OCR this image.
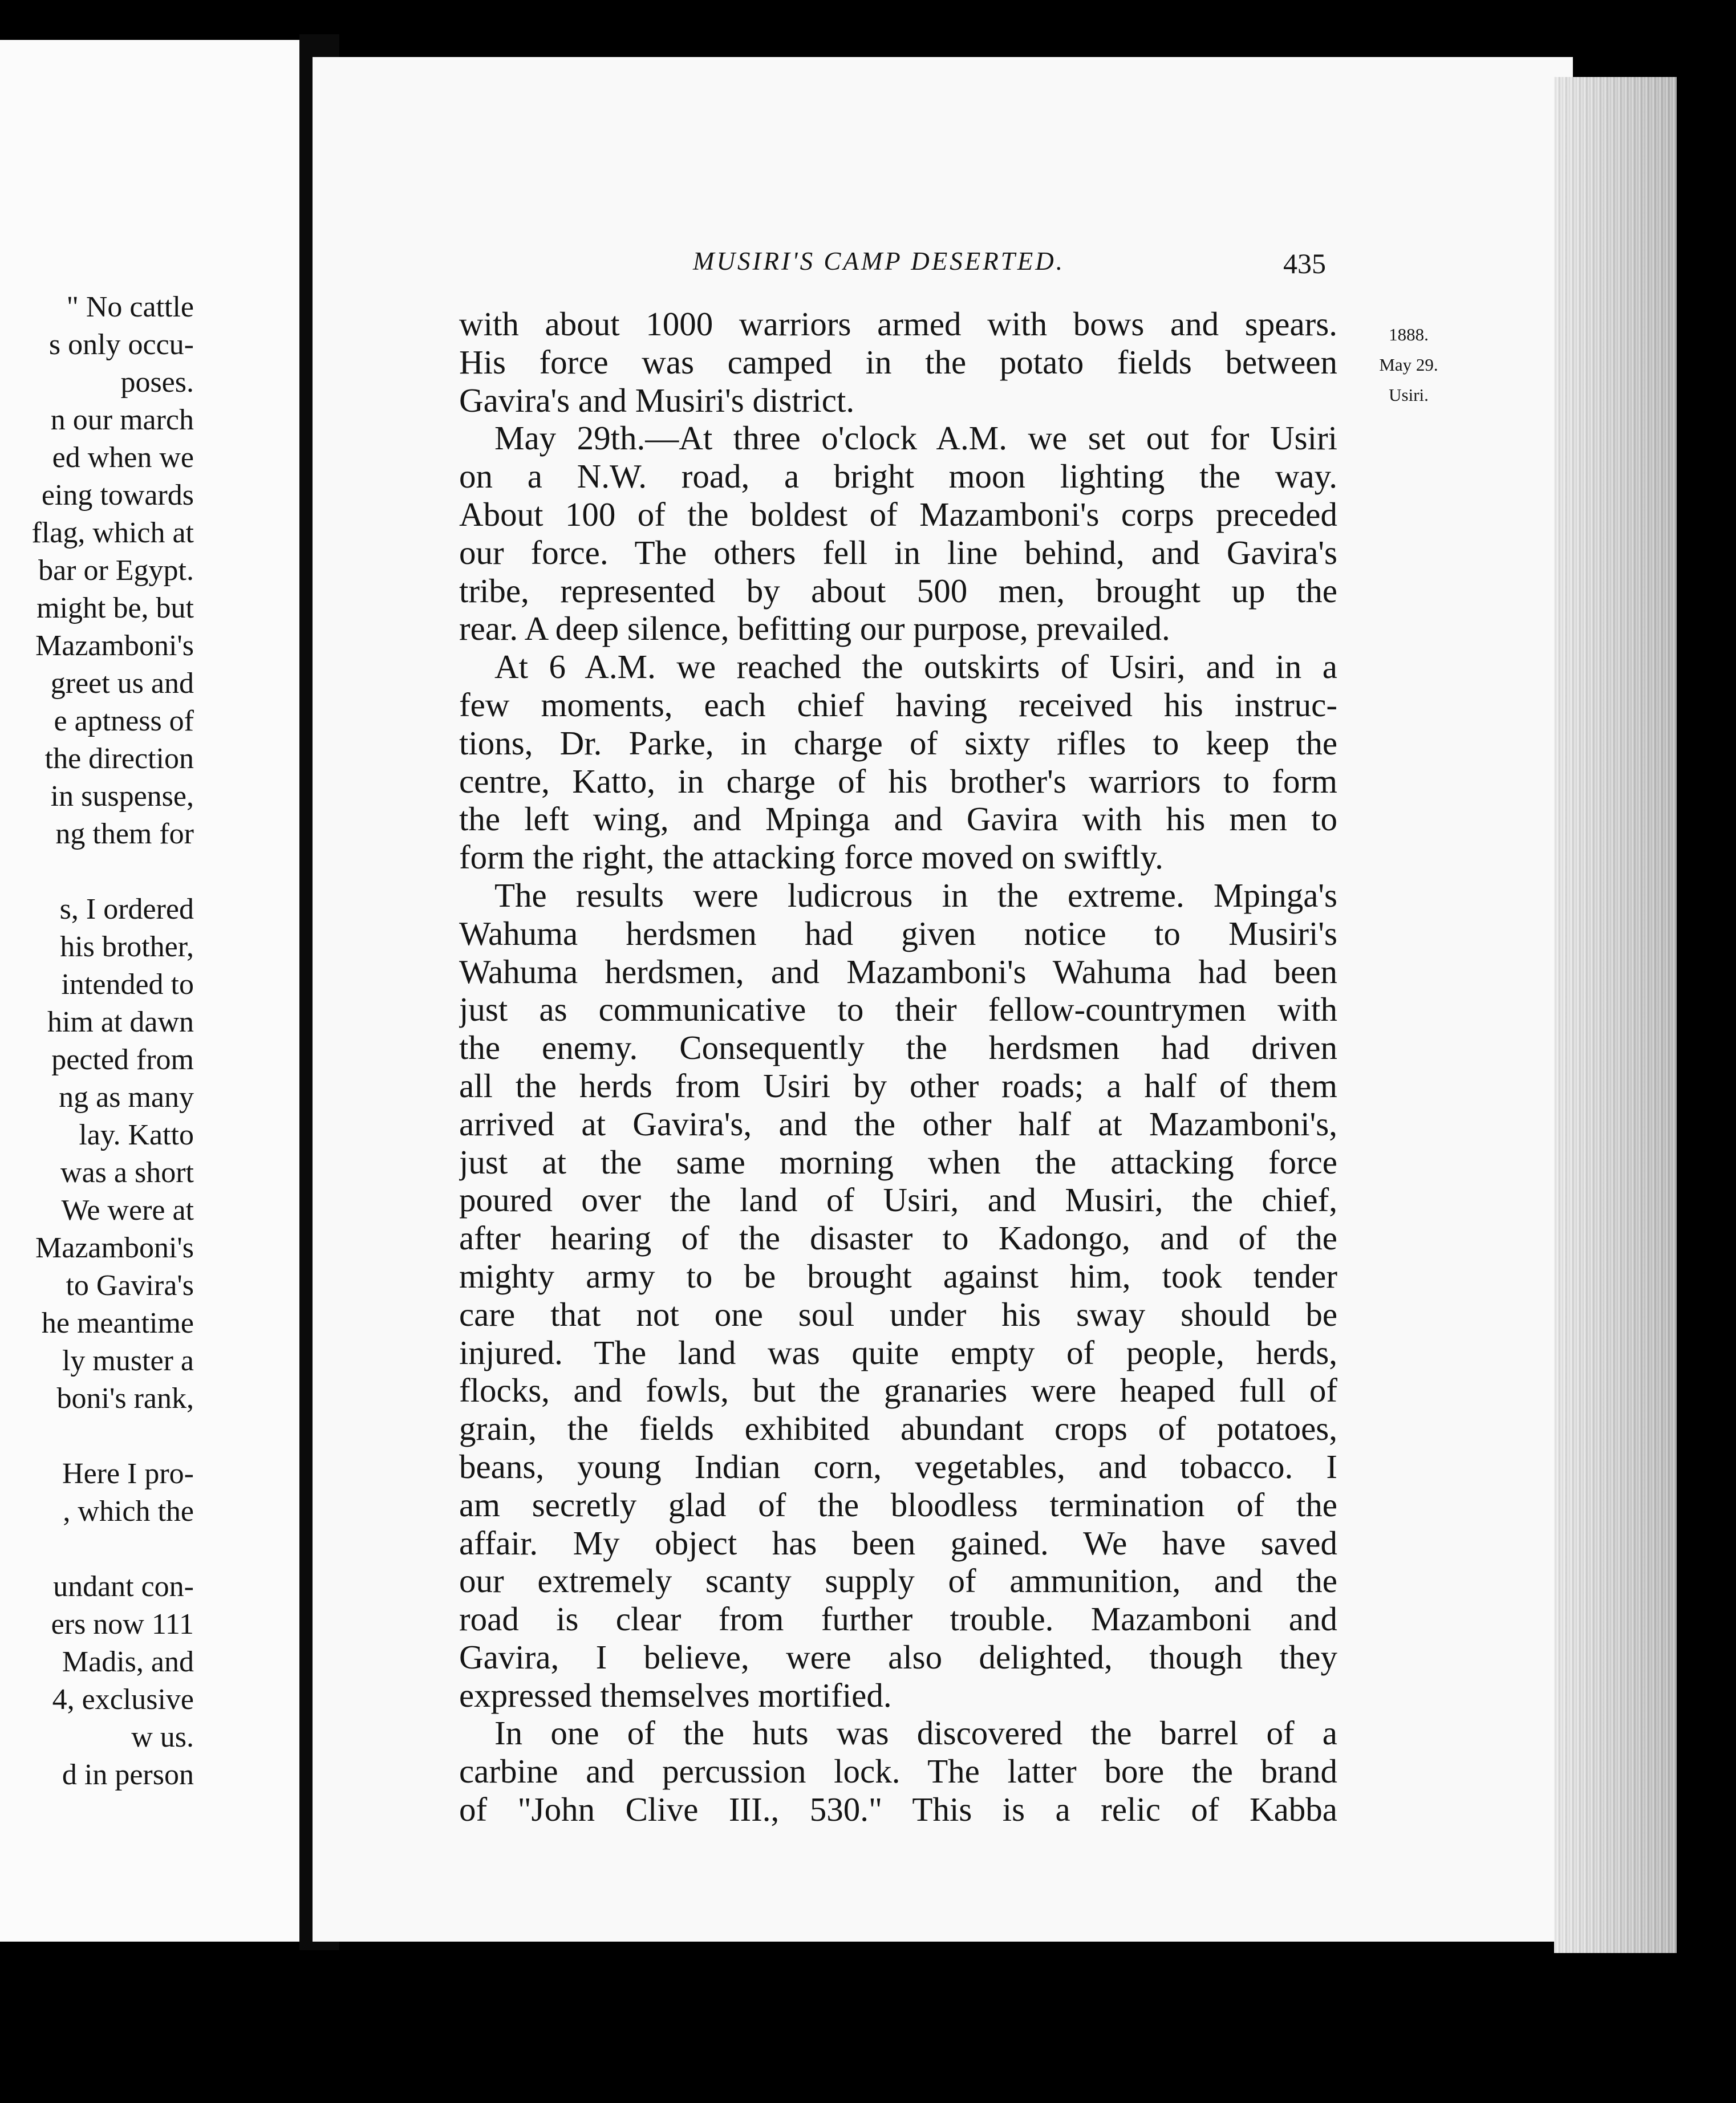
" No cattle
s only occu-
poses.
n our march
ed when we
eing towards
flag, which at
bar or Egypt.
might be, but
Mazamboni's
greet us and
e aptness of
the direction
in suspense,
ng them for
s, I ordered
his brother,
intended to
him at dawn
pected from
ng as many
lay. Katto
was a short
We were at
Mazamboni's
to Gavira's
he meantime
ly muster a
boni's rank,
Here I pro-
, which the
undant con-
ers now 111
Madis, and
4, exclusive
w us.
d in person
MUSIRI'S CAMP DESERTED.	435
1888.
May 29.
Usiri.
with about 1000 warriors armed with bows and spears.
His force was camped in the potato fields between
Gavira's and Musiri's district.
May 29th.—At three o'clock A.M. we set out for Usiri
on a N.W. road, a bright moon lighting the way.
About 100 of the boldest of Mazamboni's corps preceded
our force. The others fell in line behind, and Gavira's
tribe, represented by about 500 men, brought up the
rear. A deep silence, befitting our purpose, prevailed.
At 6 A.M. we reached the outskirts of Usiri, and in a
few moments, each chief having received his instruc-
tions, Dr. Parke, in charge of sixty rifles to keep the
centre, Katto, in charge of his brother's warriors to form
the left wing, and Mpinga and Gavira with his men to
form the right, the attacking force moved on swiftly.
The results were ludicrous in the extreme. Mpinga's
Wahuma herdsmen had given notice to Musiri's
Wahuma herdsmen, and Mazamboni's Wahuma had been
just as communicative to their fellow-countrymen with
the enemy. Consequently the herdsmen had driven
all the herds from Usiri by other roads; a half of them
arrived at Gavira's, and the other half at Mazamboni's,
just at the same morning when the attacking force
poured over the land of Usiri, and Musiri, the chief,
after hearing of the disaster to Kadongo, and of the
mighty army to be brought against him, took tender
care that not one soul under his sway should be
injured. The land was quite empty of people, herds,
flocks, and fowls, but the granaries were heaped full of
grain, the fields exhibited abundant crops of potatoes,
beans, young Indian corn, vegetables, and tobacco. I
am secretly glad of the bloodless termination of the
affair. My object has been gained. We have saved
our extremely scanty supply of ammunition, and the
road is clear from further trouble. Mazamboni and
Gavira, I believe, were also delighted, though they
expressed themselves mortified.
In one of the huts was discovered the barrel of a
carbine and percussion lock. The latter bore the brand
of "John Clive III., 530." This is a relic of Kabba
